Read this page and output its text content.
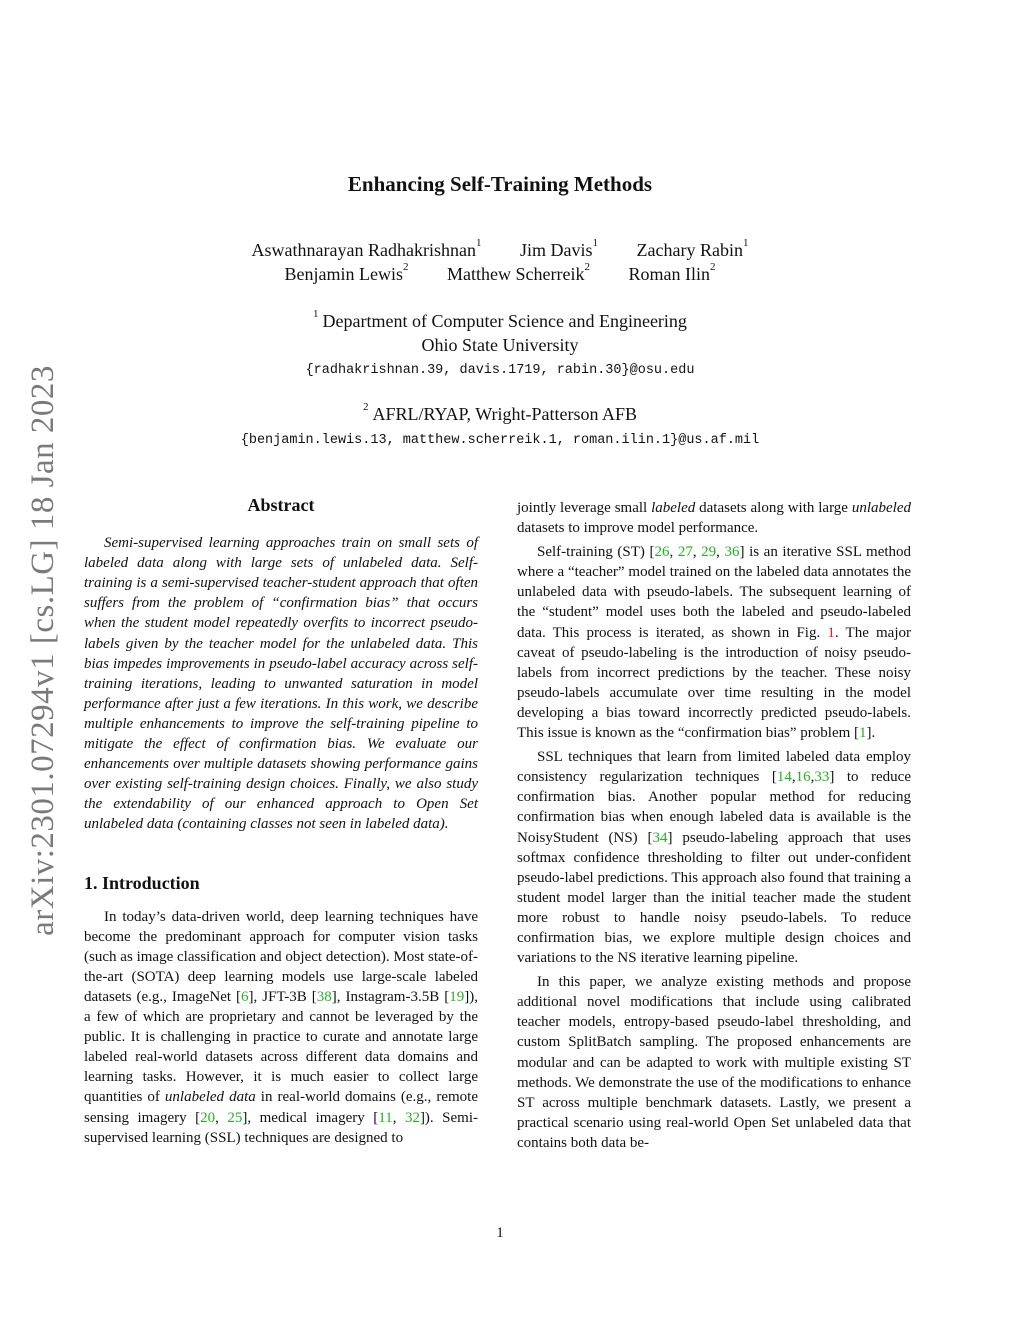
arXiv:2301.07294v1 [cs.LG] 18 Jan 2023
Enhancing Self-Training Methods
Aswathnarayan Radhakrishnan$^1$ Jim Davis$^1$ Zachary Rabin$^1$
Benjamin Lewis$^2$ Matthew Scherreik$^2$ Roman Ilin$^2$
$^1$ Department of Computer Science and Engineering
Ohio State University
{radhakrishnan.39, davis.1719, rabin.30}@osu.edu
$^2$ AFRL/RYAP, Wright-Patterson AFB
{benjamin.lewis.13, matthew.scherreik.1, roman.ilin.1}@us.af.mil
Abstract

Semi-supervised learning approaches train on small sets of labeled data along with large sets of unlabeled data. Self-training is a semi-supervised teacher-student approach that often suffers from the problem of “confirmation bias” that occurs when the student model repeatedly overfits to incorrect pseudo-labels given by the teacher model for the unlabeled data. This bias impedes improvements in pseudo-label accuracy across self-training iterations, leading to unwanted saturation in model performance after just a few iterations. In this work, we describe multiple enhancements to improve the self-training pipeline to mitigate the effect of confirmation bias. We evaluate our enhancements over multiple datasets showing performance gains over existing self-training design choices. Finally, we also study the extendability of our enhanced approach to Open Set unlabeled data (containing classes not seen in labeled data).

1. Introduction

In today’s data-driven world, deep learning techniques have become the predominant approach for computer vision tasks (such as image classification and object detection). Most state-of-the-art (SOTA) deep learning models use large-scale labeled datasets (e.g., ImageNet [6], JFT-3B [38], Instagram-3.5B [19]), a few of which are proprietary and cannot be leveraged by the public. It is challenging in practice to curate and annotate large labeled real-world datasets across different data domains and learning tasks. However, it is much easier to collect large quantities of unlabeled data in real-world domains (e.g., remote sensing imagery [20, 25], medical imagery [11, 32]). Semi-supervised learning (SSL) techniques are designed to

jointly leverage small labeled datasets along with large unlabeled datasets to improve model performance.

Self-training (ST) [26, 27, 29, 36] is an iterative SSL method where a “teacher” model trained on the labeled data annotates the unlabeled data with pseudo-labels. The subsequent learning of the “student” model uses both the labeled and pseudo-labeled data. This process is iterated, as shown in Fig. 1. The major caveat of pseudo-labeling is the introduction of noisy pseudo-labels from incorrect predictions by the teacher. These noisy pseudo-labels accumulate over time resulting in the model developing a bias toward incorrectly predicted pseudo-labels. This issue is known as the “confirmation bias” problem [1].

SSL techniques that learn from limited labeled data employ consistency regularization techniques [14,16,33] to reduce confirmation bias. Another popular method for reducing confirmation bias when enough labeled data is available is the NoisyStudent (NS) [34] pseudo-labeling approach that uses softmax confidence thresholding to filter out under-confident pseudo-label predictions. This approach also found that training a student model larger than the initial teacher made the student more robust to handle noisy pseudo-labels. To reduce confirmation bias, we explore multiple design choices and variations to the NS iterative learning pipeline.

In this paper, we analyze existing methods and propose additional novel modifications that include using calibrated teacher models, entropy-based pseudo-label thresholding, and custom SplitBatch sampling. The proposed enhancements are modular and can be adapted to work with multiple existing ST methods. We demonstrate the use of the modifications to enhance ST across multiple benchmark datasets. Lastly, we present a practical scenario using real-world Open Set unlabeled data that contains both data be-

1
